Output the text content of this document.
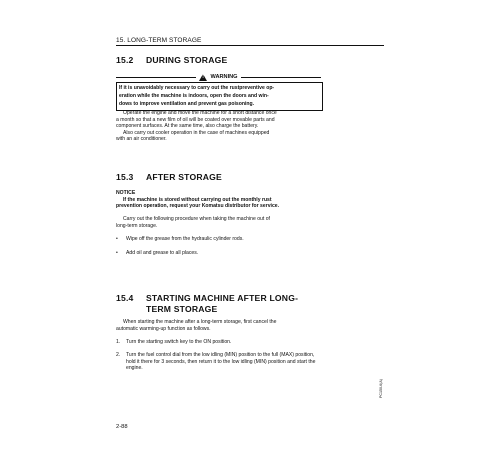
15. LONG-TERM STORAGE
15.2 DURING STORAGE
!
WARNING
If it is unavoidably necessary to carry out the rustpreventive op-
eration while the machine is indoors, open the doors and win-
dows to improve ventilation and prevent gas poisoning.
Operate the engine and move the machine for a short distance once
a month so that a new film of oil will be coated over movable parts and
component surfaces. At the same time, also charge the battery.
Also carry out cooler operation in the case of machines equipped
with an air conditioner.
15.3 AFTER STORAGE
NOTICE
If the machine is stored without carrying out the monthly rust
prevention operation, request your Komatsu distributor for service.
Carry out the following procedure when taking the machine out of
long-term storage.
• Wipe off the grease from the hydraulic cylinder rods.
• Add oil and grease to all places.
15.4 STARTING MACHINE AFTER LONG-
TERM STORAGE
When starting the machine after a long-term storage, first cancel the
automatic warming-up function as follows.
1. Turn the starting switch key to the ON position.
2. Turn the fuel control dial from the low idling (MIN) position to the full (MAX) position, hold it there for 3 seconds, then return it to the low idling (MIN) position and start the engine.
2-88
PC150-6(A)
